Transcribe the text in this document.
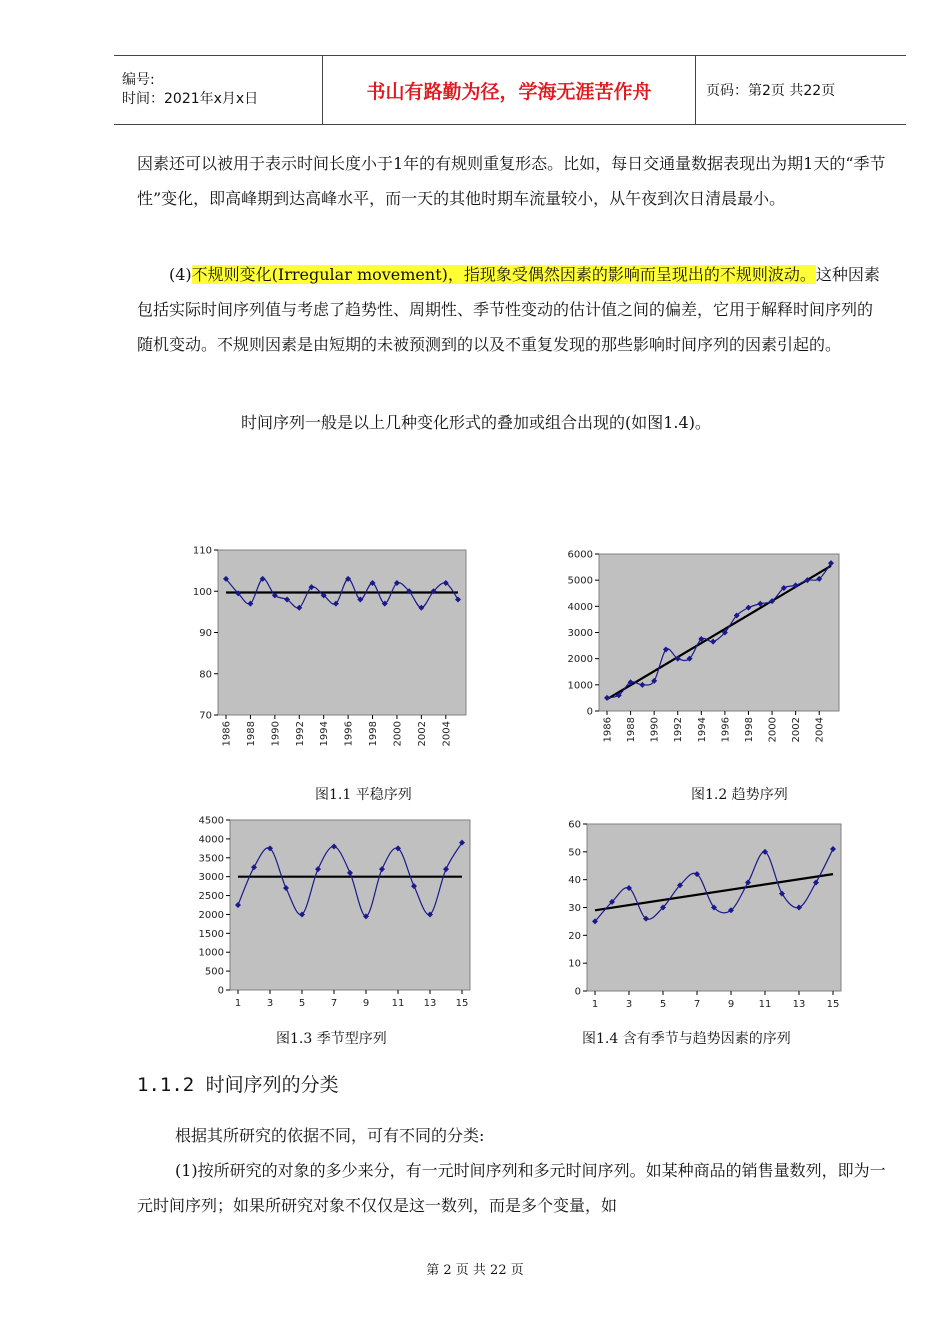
编号:
时间：2021年x月x日	书山有路勤为径，学海无涯苦作舟	页码：第2页 共22页
因素还可以被用于表示时间长度小于1年的有规则重复形态。比如，每日交通量数据表现出为期1天的“季节性”变化，即高峰期到达高峰水平，而一天的其他时期车流量较小，从午夜到次日清晨最小。
(4)不规则变化(Irregular movement)，指现象受偶然因素的影响而呈现出的不规则波动。这种因素包括实际时间序列值与考虑了趋势性、周期性、季节性变动的估计值之间的偏差，它用于解释时间序列的随机变动。不规则因素是由短期的未被预测到的以及不重复发现的那些影响时间序列的因素引起的。
时间序列一般是以上几种变化形式的叠加或组合出现的(如图1.4)。
70
80
90
100
110
1986 1988 1990 1992 1994 1996 1998 2000 2002 2004
0
1000
2000
3000
4000
5000
6000
1986 1988 1990 1992 1994 1996 1998 2000 2002 2004
0
500
1000
1500
2000
2500
3000
3500
4000
4500
1	3	5	7	9 11 13 15
0
10
20
30
40
50
60
1	3	5	7	9 11 13 15
图1.1 平稳序列	图1.2 趋势序列
图1.3 季节型序列	图1.4 含有季节与趋势因素的序列
1.1.2 时间序列的分类
根据其所研究的依据不同，可有不同的分类:
(1)按所研究的对象的多少来分，有一元时间序列和多元时间序列。如某种商品的销售量数列，即为一元时间序列；如果所研究对象不仅仅是这一数列，而是多个变量，如
第 2 页 共 22 页
